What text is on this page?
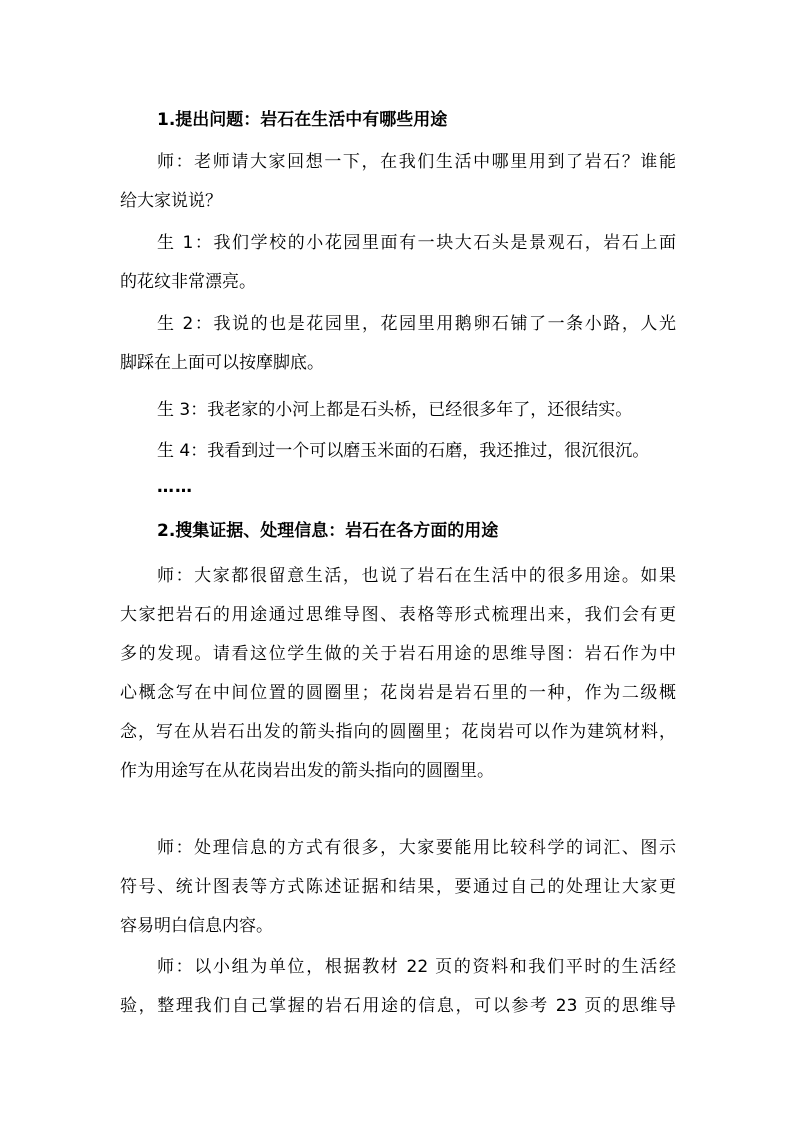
1.提出问题：岩石在生活中有哪些用途

师：老师请大家回想一下，在我们生活中哪里用到了岩石？谁能
给大家说说？

生 1：我们学校的小花园里面有一块大石头是景观石，岩石上面
的花纹非常漂亮。

生 2：我说的也是花园里，花园里用鹅卵石铺了一条小路，人光
脚踩在上面可以按摩脚底。

生 3：我老家的小河上都是石头桥，已经很多年了，还很结实。

生 4：我看到过一个可以磨玉米面的石磨，我还推过，很沉很沉。

……

2.搜集证据、处理信息：岩石在各方面的用途

师：大家都很留意生活，也说了岩石在生活中的很多用途。如果
大家把岩石的用途通过思维导图、表格等形式梳理出来，我们会有更
多的发现。请看这位学生做的关于岩石用途的思维导图：岩石作为中
心概念写在中间位置的圆圈里；花岗岩是岩石里的一种，作为二级概
念，写在从岩石出发的箭头指向的圆圈里；花岗岩可以作为建筑材料，
作为用途写在从花岗岩出发的箭头指向的圆圈里。

师：处理信息的方式有很多，大家要能用比较科学的词汇、图示
符号、统计图表等方式陈述证据和结果，要通过自己的处理让大家更
容易明白信息内容。

师：以小组为单位，根据教材 22 页的资料和我们平时的生活经
验，整理我们自己掌握的岩石用途的信息，可以参考 23 页的思维导
